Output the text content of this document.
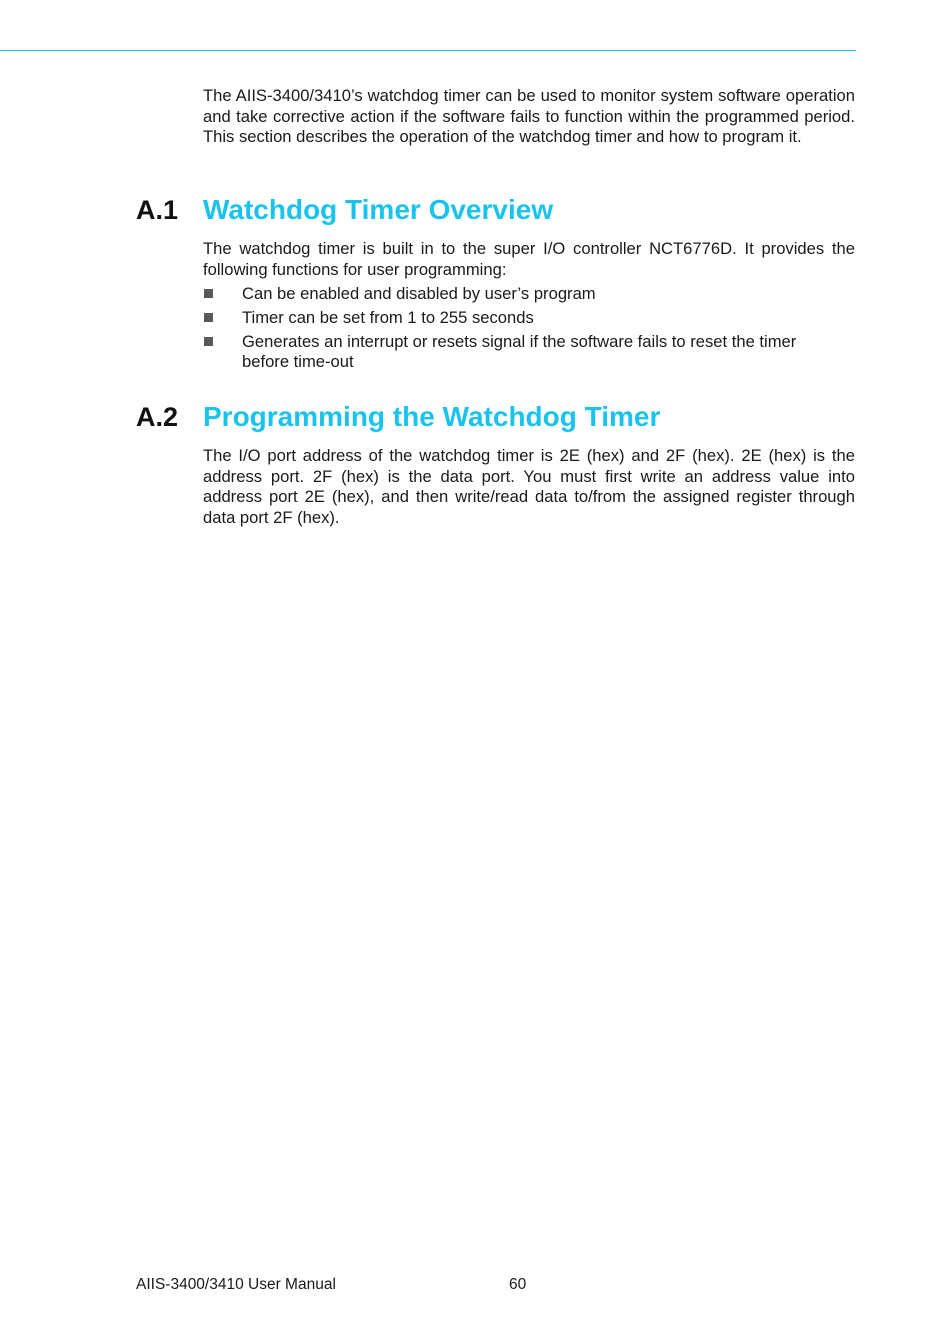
The AIIS-3400/3410’s watchdog timer can be used to monitor system software operation and take corrective action if the software fails to function within the programmed period. This section describes the operation of the watchdog timer and how to program it.

A.1 Watchdog Timer Overview

The watchdog timer is built in to the super I/O controller NCT6776D. It provides the following functions for user programming:

Can be enabled and disabled by user’s program
Timer can be set from 1 to 255 seconds
Generates an interrupt or resets signal if the software fails to reset the timer before time-out
A.2 Programming the Watchdog Timer

The I/O port address of the watchdog timer is 2E (hex) and 2F (hex). 2E (hex) is the address port. 2F (hex) is the data port. You must first write an address value into address port 2E (hex), and then write/read data to/from the assigned register through data port 2F (hex).

AIIS-3400/3410 User Manual	60
